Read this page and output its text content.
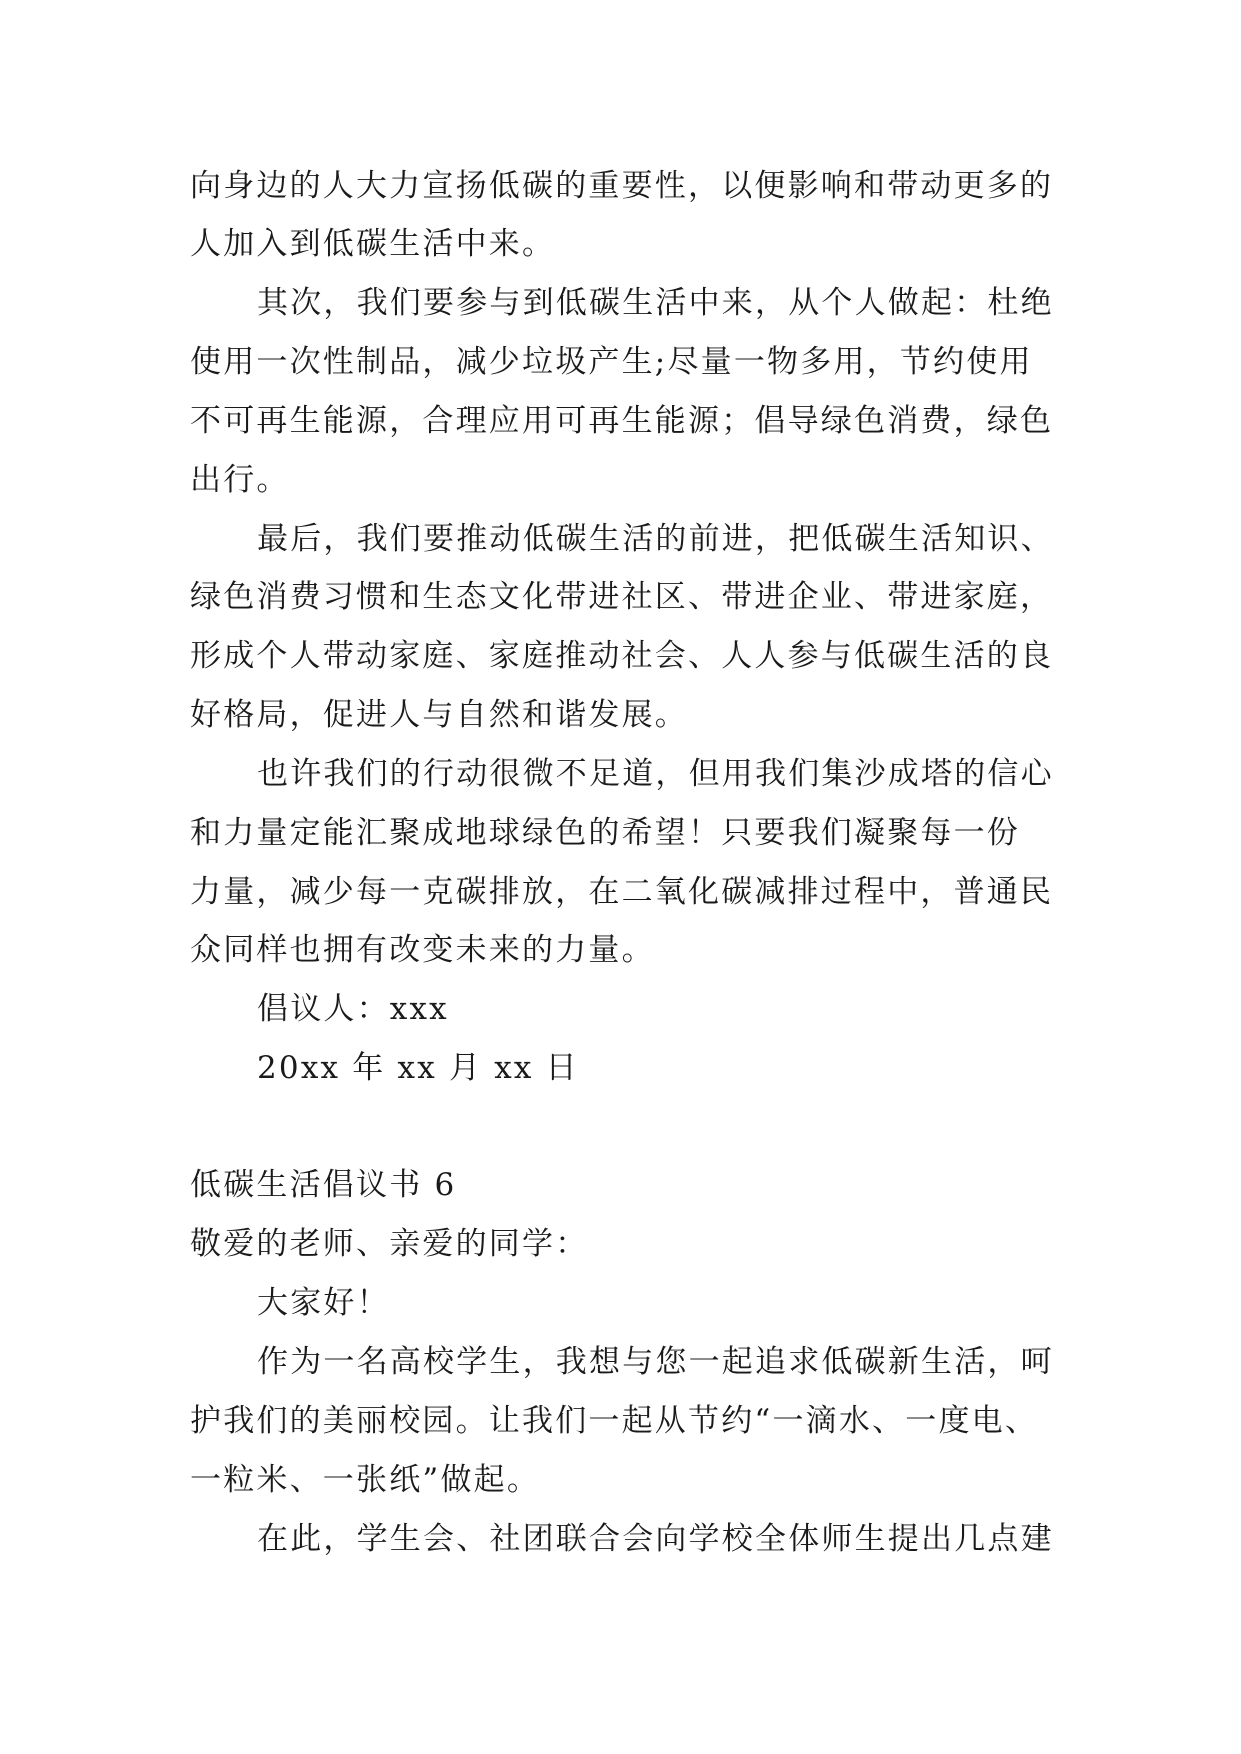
向身边的人大力宣扬低碳的重要性，以便影响和带动更多的
人加入到低碳生活中来。
其次，我们要参与到低碳生活中来，从个人做起：杜绝
使用一次性制品，减少垃圾产生;尽量一物多用，节约使用
不可再生能源，合理应用可再生能源；倡导绿色消费，绿色
出行。
最后，我们要推动低碳生活的前进，把低碳生活知识、
绿色消费习惯和生态文化带进社区、带进企业、带进家庭，
形成个人带动家庭、家庭推动社会、人人参与低碳生活的良
好格局，促进人与自然和谐发展。
也许我们的行动很微不足道，但用我们集沙成塔的信心
和力量定能汇聚成地球绿色的希望！只要我们凝聚每一份
力量，减少每一克碳排放，在二氧化碳减排过程中，普通民
众同样也拥有改变未来的力量。
倡议人：xxx
20xx 年 xx 月 xx 日
低碳生活倡议书 6
敬爱的老师、亲爱的同学：
大家好！
作为一名高校学生，我想与您一起追求低碳新生活，呵
护我们的美丽校园。让我们一起从节约“一滴水、一度电、
一粒米、一张纸”做起。
在此，学生会、社团联合会向学校全体师生提出几点建
